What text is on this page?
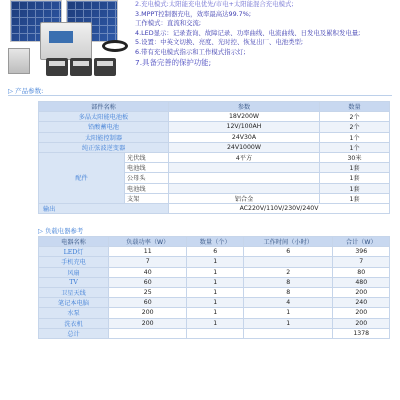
2.充电模式:太阳能充电优先/市电+太阳能混合充电模式;
3.MPPT控制器充电，效率最高达99.7%;
工作模式：直流和交流;
4.LED显示：记录查询、故障记录、功率曲线、电流曲线、日发电及累积发电量;
5.设置：中英文切换、亮度、光时控、恢复出厂、电池类型;
6.带有充电模式指示和工作模式指示灯;
7.具备完善的保护功能;
▷ 产品参数:
部件名称		参数	数量
多晶太阳能电池板		18V200W	2个
铅酸蓄电池		12V/100AH	2个
太阳能控制器		24V30A	1个
纯正弦波逆变器		24V1000W	1个
配件	光伏线	4平方	30米
	电池线		1套
	公母头		1套
	电池线		1套
	支架	铝合金	1套
输出		AC220V/110V/230V/240V	
▷ 负载电器参考
电器名称	负载功率（W）	数量（个）	工作时间（小时）	合计（W）
LED灯	11	6	6	396
手机充电	7	1		7
风扇	40	1	2	80
TV	60	1	8	480
卫星天线	25	1	8	200
笔记本电脑	60	1	4	240
水泵	200	1	1	200
洗衣机	200	1	1	200
总计				1378
